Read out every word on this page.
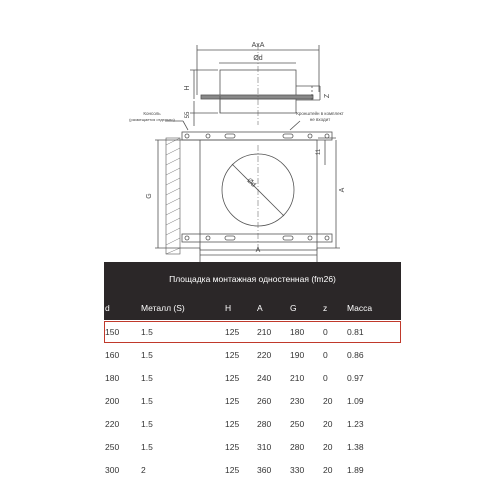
AxA
Ød
H
Z
55
Консоль
(размещается отдельно)
Кронштейн в комплект
не входит
11
Ød
G
A
A
Площадка монтажная одностенная (fm26)
d	Металл (S)	H	A	G	z Масса
150	1.5	125 210 180 0 0.81
160	1.5	125 220 190 0 0.86
180	1.5	125 240 210 0 0.97
200	1.5	125 260 230 20 1.09
220	1.5	125 280 250 20 1.23
250	1.5	125 310 280 20 1.38
300	2	125 360 330 20 1.89
